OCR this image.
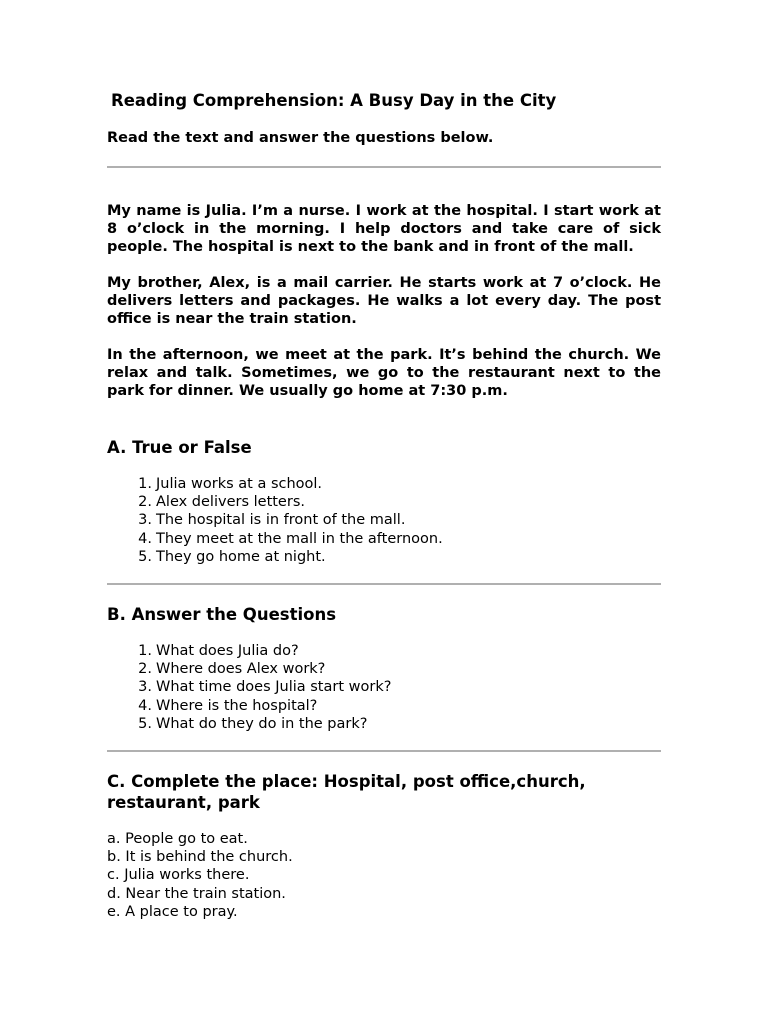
Reading Comprehension: A Busy Day in the City

Read the text and answer the questions below.

My name is Julia. I’m a nurse. I work at the hospital. I start work at 8 o’clock in the morning. I help doctors and take care of sick people. The hospital is next to the bank and in front of the mall.

My brother, Alex, is a mail carrier. He starts work at 7 o’clock. He delivers letters and packages. He walks a lot every day. The post office is near the train station.

In the afternoon, we meet at the park. It’s behind the church. We relax and talk. Sometimes, we go to the restaurant next to the park for dinner. We usually go home at 7:30 p.m.

A. True or False
1. Julia works at a school.
2. Alex delivers letters.
3. The hospital is in front of the mall.
4. They meet at the mall in the afternoon.
5. They go home at night.
B. Answer the Questions
1. What does Julia do?
2. Where does Alex work?
3. What time does Julia start work?
4. Where is the hospital?
5. What do they do in the park?
C. Complete the place: Hospital, post office,church, restaurant, park
a. People go to eat.
b. It is behind the church.
c. Julia works there.
d. Near the train station.
e. A place to pray.
